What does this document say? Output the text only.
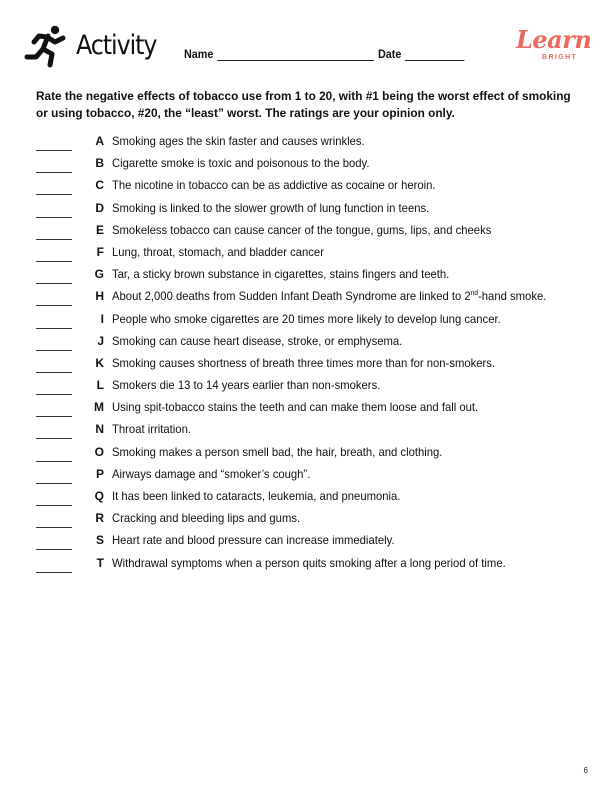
Activity Name	Date	Learn
BRIGHT
Rate the negative effects of tobacco use from 1 to 20, with #1 being the worst effect of smoking or using tobacco, #20, the “least” worst. The ratings are your opinion only.
A Smoking ages the skin faster and causes wrinkles.
B Cigarette smoke is toxic and poisonous to the body.
C The nicotine in tobacco can be as addictive as cocaine or heroin.
D Smoking is linked to the slower growth of lung function in teens.
E Smokeless tobacco can cause cancer of the tongue, gums, lips, and cheeks
F Lung, throat, stomach, and bladder cancer
G Tar, a sticky brown substance in cigarettes, stains fingers and teeth.
H About 2,000 deaths from Sudden Infant Death Syndrome are linked to 2nd-hand smoke.
I People who smoke cigarettes are 20 times more likely to develop lung cancer.
J Smoking can cause heart disease, stroke, or emphysema.
K Smoking causes shortness of breath three times more than for non-smokers.
L Smokers die 13 to 14 years earlier than non-smokers.
M Using spit-tobacco stains the teeth and can make them loose and fall out.
N Throat irritation.
O Smoking makes a person smell bad, the hair, breath, and clothing.
P Airways damage and “smoker’s cough”.
Q It has been linked to cataracts, leukemia, and pneumonia.
R Cracking and bleeding lips and gums.
S Heart rate and blood pressure can increase immediately.
T Withdrawal symptoms when a person quits smoking after a long period of time.
6
